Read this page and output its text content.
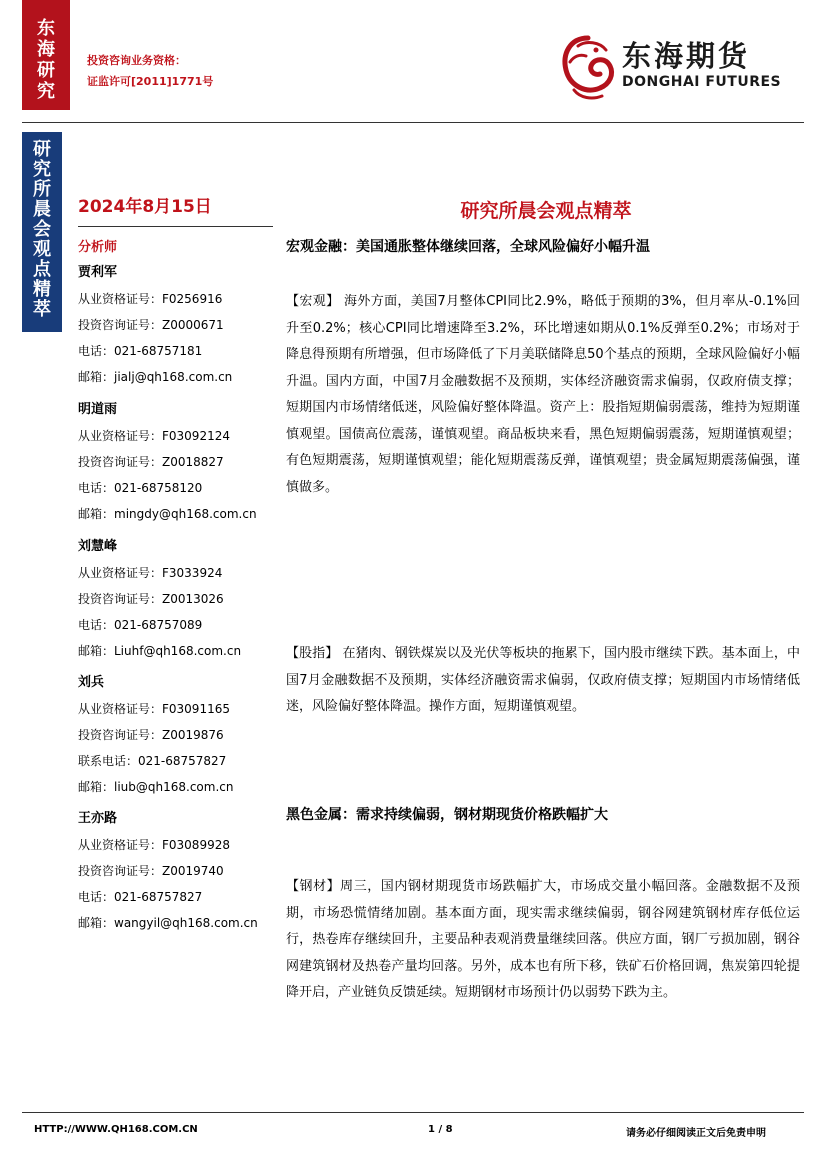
东
海
研
究
投资咨询业务资格：
证监许可[2011]1771号
东海期货
DONGHAI FUTURES
研
究
所
晨
会
观
点
精
萃
2024年8月15日
分析师
贾利军
从业资格证号：F0256916
投资咨询证号：Z0000671
电话：021-68757181
邮箱：jialj@qh168.com.cn
明道雨
从业资格证号：F03092124
投资咨询证号：Z0018827
电话：021-68758120
邮箱：mingdy@qh168.com.cn
刘慧峰
从业资格证号：F3033924
投资咨询证号：Z0013026
电话：021-68757089
邮箱：Liuhf@qh168.com.cn
刘兵
从业资格证号：F03091165
投资咨询证号：Z0019876
联系电话：021-68757827
邮箱：liub@qh168.com.cn
王亦路
从业资格证号：F03089928
投资咨询证号：Z0019740
电话：021-68757827
邮箱：wangyil@qh168.com.cn
研究所晨会观点精萃
宏观金融：美国通胀整体继续回落，全球风险偏好小幅升温
【宏观】 海外方面，美国7月整体CPI同比2.9%，略低于预期的3%，但月率从-0.1%回升至0.2%；核心CPI同比增速降至3.2%，环比增速如期从0.1%反弹至0.2%；市场对于降息得预期有所增强，但市场降低了下月美联储降息50个基点的预期，全球风险偏好小幅升温。国内方面，中国7月金融数据不及预期，实体经济融资需求偏弱，仅政府债支撑；短期国内市场情绪低迷，风险偏好整体降温。资产上：股指短期偏弱震荡，维持为短期谨慎观望。国债高位震荡，谨慎观望。商品板块来看，黑色短期偏弱震荡，短期谨慎观望；有色短期震荡，短期谨慎观望；能化短期震荡反弹，谨慎观望；贵金属短期震荡偏强，谨慎做多。
【股指】 在猪肉、钢铁煤炭以及光伏等板块的拖累下，国内股市继续下跌。基本面上，中国7月金融数据不及预期，实体经济融资需求偏弱，仅政府债支撑；短期国内市场情绪低迷，风险偏好整体降温。操作方面，短期谨慎观望。
黑色金属：需求持续偏弱，钢材期现货价格跌幅扩大
【钢材】周三，国内钢材期现货市场跌幅扩大，市场成交量小幅回落。金融数据不及预期，市场恐慌情绪加剧。基本面方面，现实需求继续偏弱，钢谷网建筑钢材库存低位运行，热卷库存继续回升，主要品种表观消费量继续回落。供应方面，钢厂亏损加剧，钢谷网建筑钢材及热卷产量均回落。另外，成本也有所下移，铁矿石价格回调，焦炭第四轮提降开启，产业链负反馈延续。短期钢材市场预计仍以弱势下跌为主。
HTTP://WWW.QH168.COM.CN	1 / 8	请务必仔细阅读正文后免责申明
